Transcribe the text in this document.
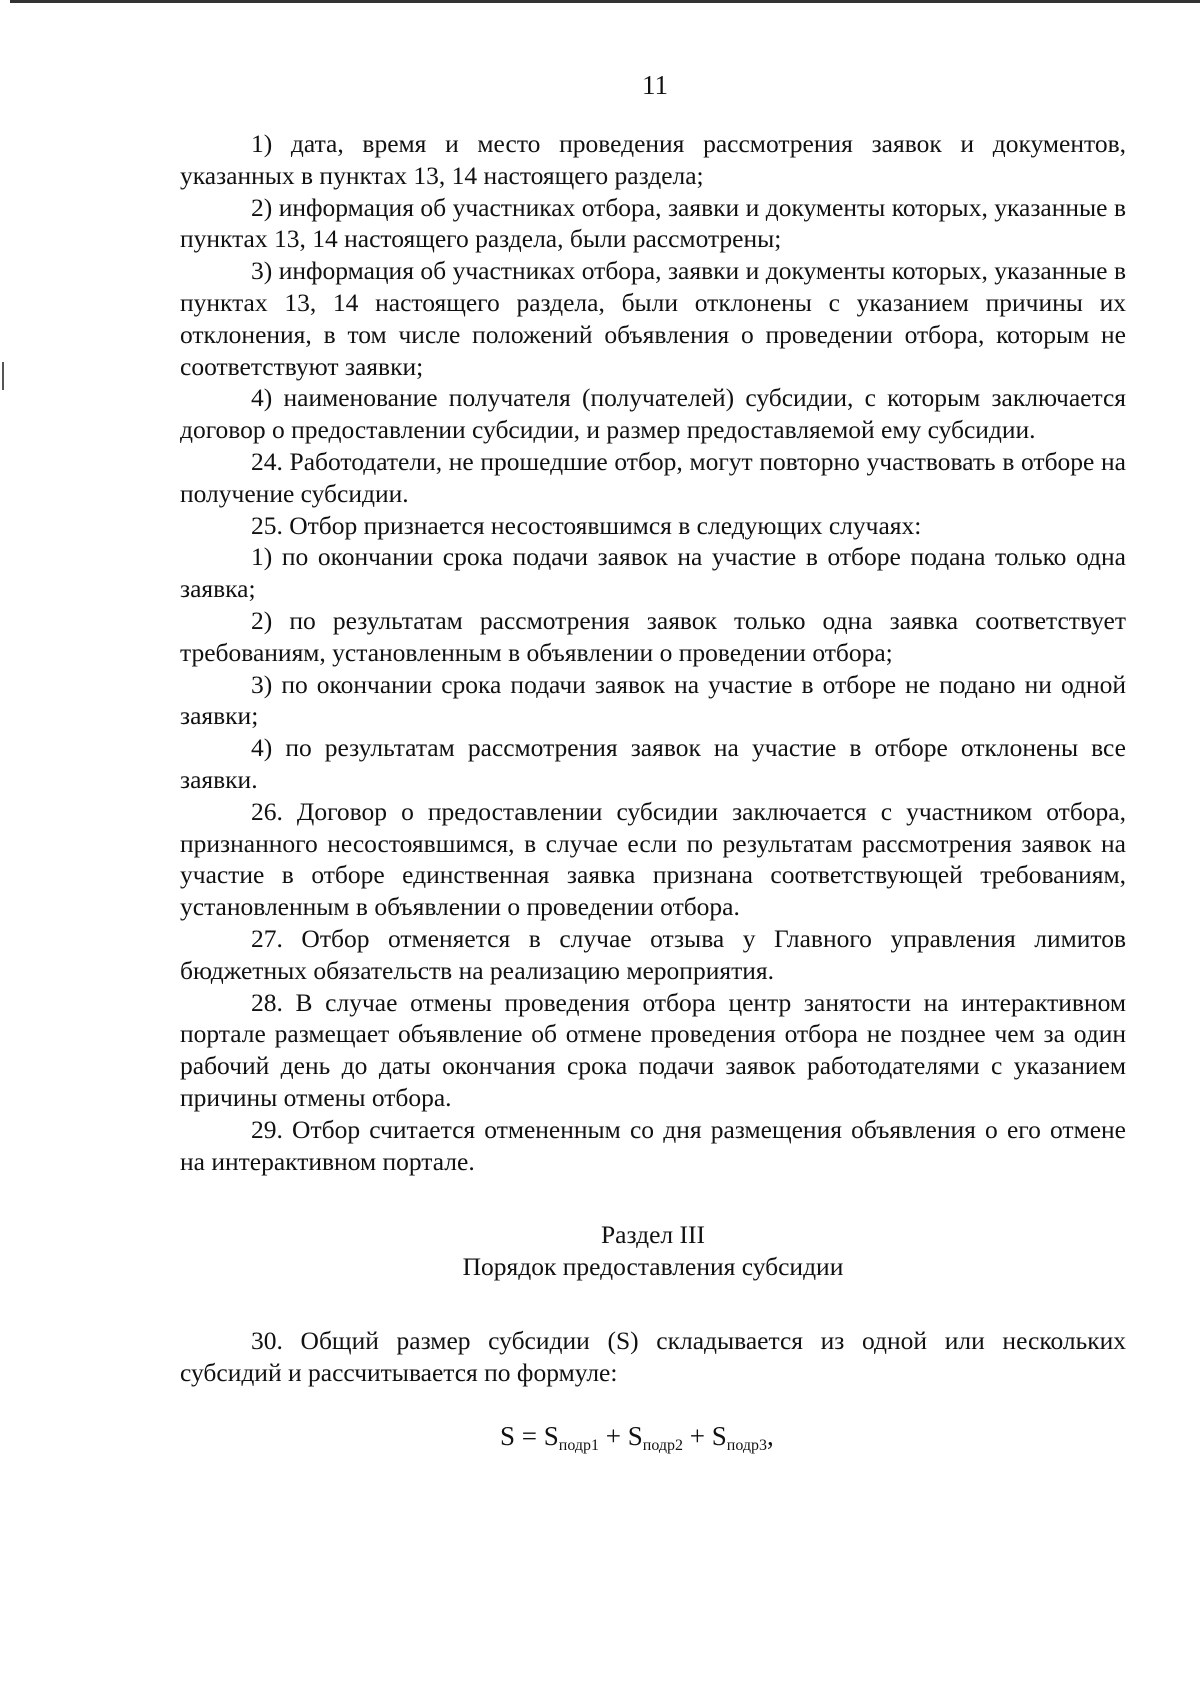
11

1) дата, время и место проведения рассмотрения заявок и документов, указанных в пунктах 13, 14 настоящего раздела;

2) информация об участниках отбора, заявки и документы которых, указанные в пунктах 13, 14 настоящего раздела, были рассмотрены;

3) информация об участниках отбора, заявки и документы которых, указанные в пунктах 13, 14 настоящего раздела, были отклонены с указанием причины их отклонения, в том числе положений объявления о проведении отбора, которым не соответствуют заявки;

4) наименование получателя (получателей) субсидии, с которым заключается договор о предоставлении субсидии, и размер предоставляемой ему субсидии.

24. Работодатели, не прошедшие отбор, могут повторно участвовать в отборе на получение субсидии.

25. Отбор признается несостоявшимся в следующих случаях:

1) по окончании срока подачи заявок на участие в отборе подана только одна заявка;

2) по результатам рассмотрения заявок только одна заявка соответствует требованиям, установленным в объявлении о проведении отбора;

3) по окончании срока подачи заявок на участие в отборе не подано ни одной заявки;

4) по результатам рассмотрения заявок на участие в отборе отклонены все заявки.

26. Договор о предоставлении субсидии заключается с участником отбора, признанного несостоявшимся, в случае если по результатам рассмотрения заявок на участие в отборе единственная заявка признана соответствующей требованиям, установленным в объявлении о проведении отбора.

27. Отбор отменяется в случае отзыва у Главного управления лимитов бюджетных обязательств на реализацию мероприятия.

28. В случае отмены проведения отбора центр занятости на интерактивном портале размещает объявление об отмене проведения отбора не позднее чем за один рабочий день до даты окончания срока подачи заявок работодателями с указанием причины отмены отбора.

29. Отбор считается отмененным со дня размещения объявления о его отмене на интерактивном портале.

Раздел III

Порядок предоставления субсидии

30. Общий размер субсидии (S) складывается из одной или нескольких субсидий и рассчитывается по формуле:

$S = S_{подр1} + S_{подр2} + S_{подр3}$,
